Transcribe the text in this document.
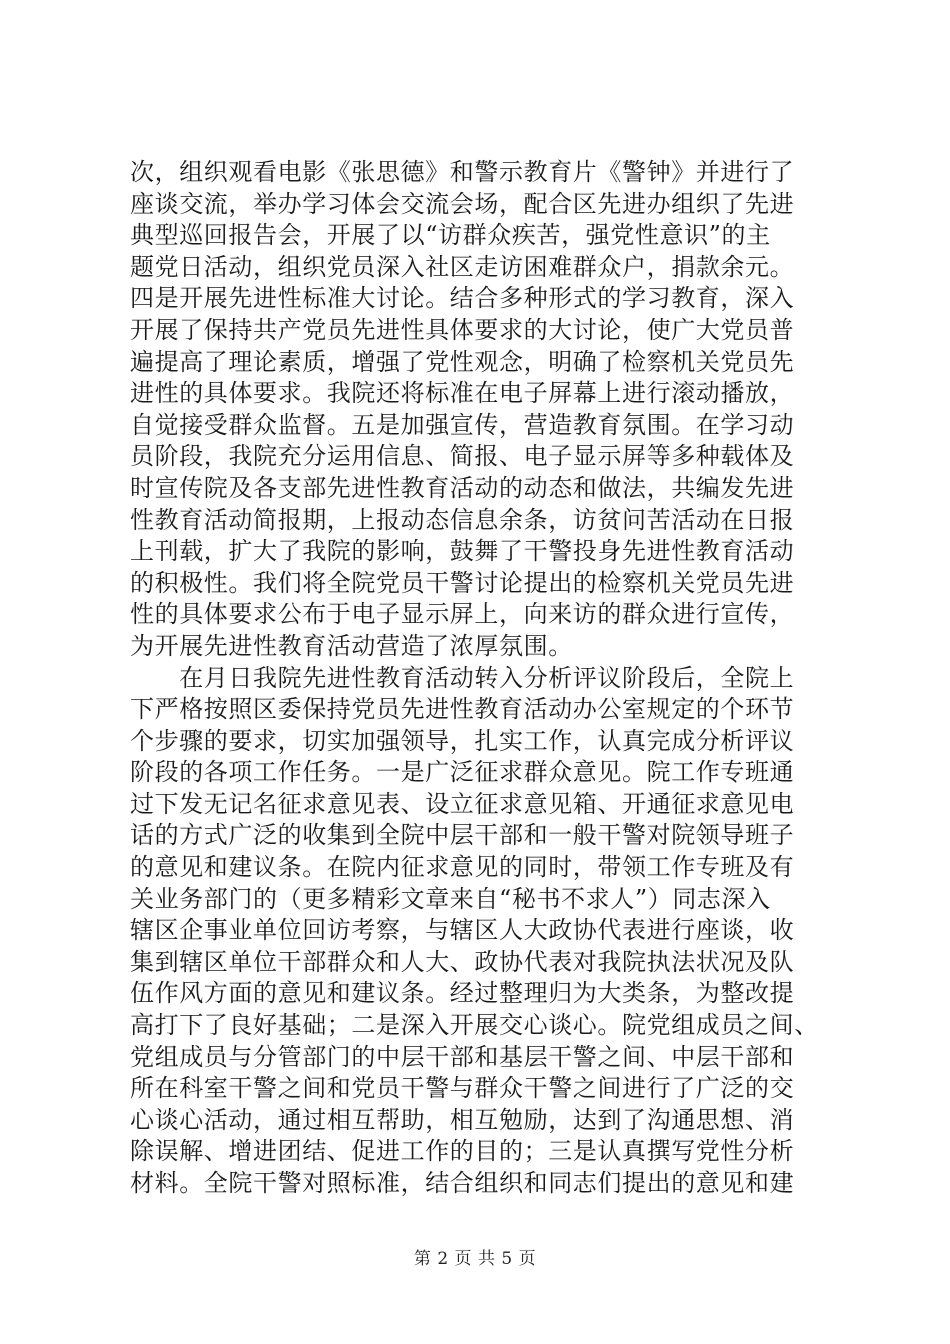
次，组织观看电影《张思德》和警示教育片《警钟》并进行了
座谈交流，举办学习体会交流会场，配合区先进办组织了先进
典型巡回报告会，开展了以“访群众疾苦，强党性意识”的主
题党日活动，组织党员深入社区走访困难群众户，捐款余元。
四是开展先进性标准大讨论。结合多种形式的学习教育，深入
开展了保持共产党员先进性具体要求的大讨论，使广大党员普
遍提高了理论素质，增强了党性观念，明确了检察机关党员先
进性的具体要求。我院还将标准在电子屏幕上进行滚动播放，
自觉接受群众监督。五是加强宣传，营造教育氛围。在学习动
员阶段，我院充分运用信息、简报、电子显示屏等多种载体及
时宣传院及各支部先进性教育活动的动态和做法，共编发先进
性教育活动简报期，上报动态信息余条，访贫问苦活动在日报
上刊载，扩大了我院的影响，鼓舞了干警投身先进性教育活动
的积极性。我们将全院党员干警讨论提出的检察机关党员先进
性的具体要求公布于电子显示屏上，向来访的群众进行宣传，
为开展先进性教育活动营造了浓厚氛围。
　　在月日我院先进性教育活动转入分析评议阶段后，全院上
下严格按照区委保持党员先进性教育活动办公室规定的个环节
个步骤的要求，切实加强领导，扎实工作，认真完成分析评议
阶段的各项工作任务。一是广泛征求群众意见。院工作专班通
过下发无记名征求意见表、设立征求意见箱、开通征求意见电
话的方式广泛的收集到全院中层干部和一般干警对院领导班子
的意见和建议条。在院内征求意见的同时，带领工作专班及有
关业务部门的（更多精彩文章来自“秘书不求人”）同志深入
辖区企事业单位回访考察，与辖区人大政协代表进行座谈，收
集到辖区单位干部群众和人大、政协代表对我院执法状况及队
伍作风方面的意见和建议条。经过整理归为大类条，为整改提
高打下了良好基础；二是深入开展交心谈心。院党组成员之间、
党组成员与分管部门的中层干部和基层干警之间、中层干部和
所在科室干警之间和党员干警与群众干警之间进行了广泛的交
心谈心活动，通过相互帮助，相互勉励，达到了沟通思想、消
除误解、增进团结、促进工作的目的；三是认真撰写党性分析
材料。全院干警对照标准，结合组织和同志们提出的意见和建
第 2 页 共 5 页
